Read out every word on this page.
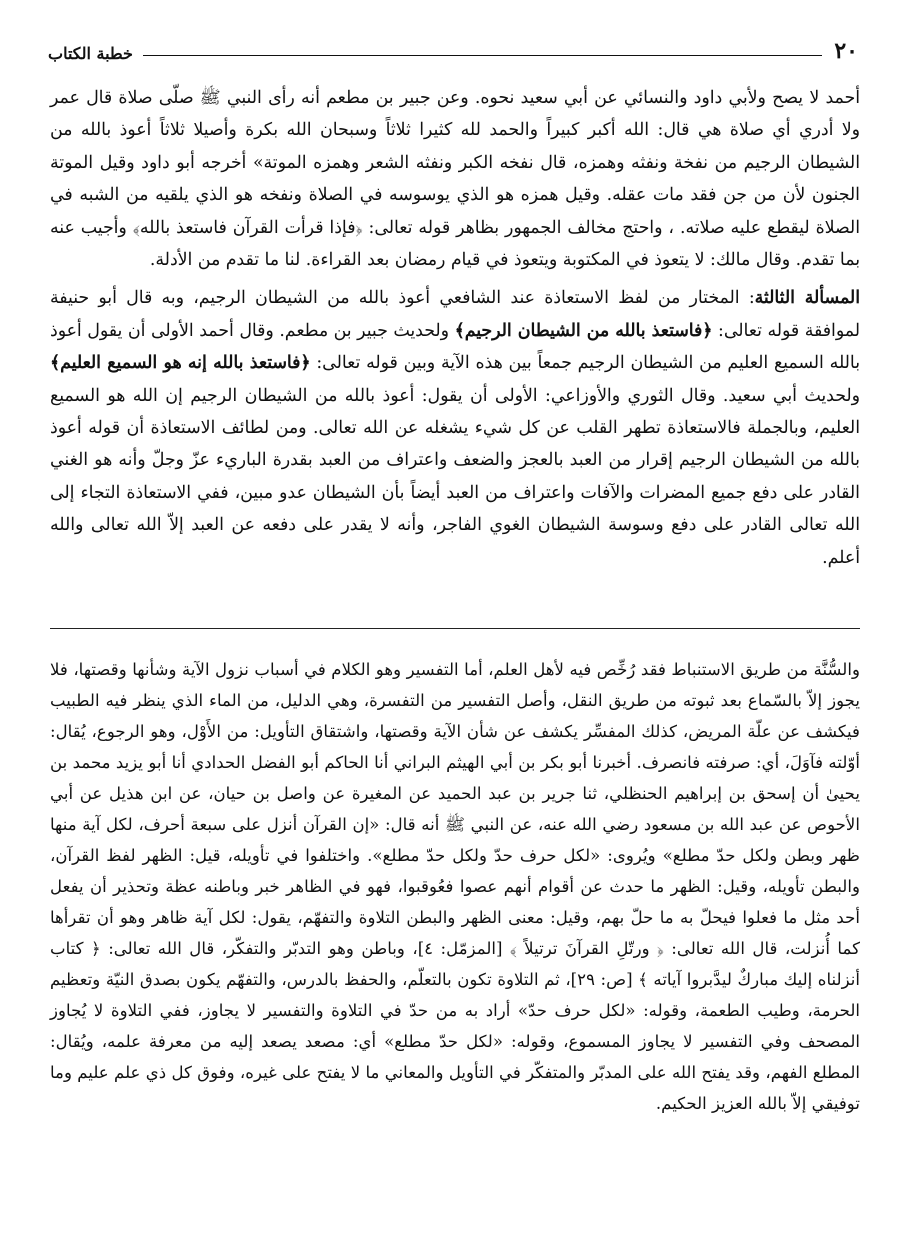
٢٠
خطبة الكتاب

أحمد لا يصح ولأبي داود والنسائي عن أبي سعيد نحوه. وعن جبير بن مطعم أنه رأى النبي ﷺ صلّى صلاة قال عمر ولا أدري أي صلاة هي قال: الله أكبر كبيراً والحمد لله كثيرا ثلاثاً وسبحان الله بكرة وأصيلا ثلاثاً أعوذ بالله من الشيطان الرجيم من نفخة ونفثه وهمزه، قال نفخه الكبر ونفثه الشعر وهمزه الموتة» أخرجه أبو داود وقيل الموتة الجنون لأن من جن فقد مات عقله. وقيل همزه هو الذي يوسوسه في الصلاة ونفخه هو الذي يلقيه من الشبه في الصلاة ليقطع عليه صلاته. ، واحتج مخالف الجمهور بظاهر قوله تعالى: ﴿فإذا قرأت القرآن فاستعذ بالله﴾ وأجيب عنه بما تقدم. وقال مالك: لا يتعوذ في المكتوبة ويتعوذ في قيام رمضان بعد القراءة. لنا ما تقدم من الأدلة.

المسألة الثالثة: المختار من لفظ الاستعاذة عند الشافعي أعوذ بالله من الشيطان الرجيم، وبه قال أبو حنيفة لموافقة قوله تعالى: ﴿فاستعذ بالله من الشيطان الرجيم﴾ ولحديث جبير بن مطعم. وقال أحمد الأولى أن يقول أعوذ بالله السميع العليم من الشيطان الرجيم جمعاً بين هذه الآية وبين قوله تعالى: ﴿فاستعذ بالله إنه هو السميع العليم﴾ ولحديث أبي سعيد. وقال الثوري والأوزاعي: الأولى أن يقول: أعوذ بالله من الشيطان الرجيم إن الله هو السميع العليم، وبالجملة فالاستعاذة تطهر القلب عن كل شيء يشغله عن الله تعالى. ومن لطائف الاستعاذة أن قوله أعوذ بالله من الشيطان الرجيم إقرار من العبد بالعجز والضعف واعتراف من العبد بقدرة الباريء عزّ وجلّ وأنه هو الغني القادر على دفع جميع المضرات والآفات واعتراف من العبد أيضاً بأن الشيطان عدو مبين، ففي الاستعاذة التجاء إلى الله تعالى القادر على دفع وسوسة الشيطان الغوي الفاجر، وأنه لا يقدر على دفعه عن العبد إلاّ الله تعالى والله أعلم.

والسُّنَّة من طريق الاستنباط فقد رُخِّص فيه لأهل العلم، أما التفسير وهو الكلام في أسباب نزول الآية وشأنها وقصتها، فلا يجوز إلاّ بالسّماع بعد ثبوته من طريق النقل، وأصل التفسير من التفسرة، وهي الدليل، من الماء الذي ينظر فيه الطبيب فيكشف عن علّة المريض، كذلك المفسِّر يكشف عن شأن الآية وقصتها، واشتقاق التأويل: من الأَوْل، وهو الرجوع، يُقال: أوّلته فآوَلَ، أي: صرفته فانصرف. أخبرنا أبو بكر بن أبي الهيثم البراني أنا الحاكم أبو الفضل الحدادي أنا أبو يزيد محمد بن يحيىٰ أن إسحق بن إبراهيم الحنظلي، ثنا جرير بن عبد الحميد عن المغيرة عن واصل بن حيان، عن ابن هذيل عن أبي الأحوص عن عبد الله بن مسعود رضي الله عنه، عن النبي ﷺ أنه قال: «إن القرآن أنزل على سبعة أحرف، لكل آية منها ظهر وبطن ولكل حدّ مطلع» ويُروى: «لكل حرف حدّ ولكل حدّ مطلع». واختلفوا في تأويله، قيل: الظهر لفظ القرآن، والبطن تأويله، وقيل: الظهر ما حدث عن أقوام أنهم عصوا فعُوقبوا، فهو في الظاهر خبر وباطنه عظة وتحذير أن يفعل أحد مثل ما فعلوا فيحلّ به ما حلّ بهم، وقيل: معنى الظهر والبطن التلاوة والتفهّم، يقول: لكل آية ظاهر وهو أن تقرأها كما أُنزلت، قال الله تعالى: ﴿ ورتّلِ القرآنَ ترتيلاً ﴾ [المزمّل: ٤]، وباطن وهو التدبّر والتفكّر، قال الله تعالى: ﴿ كتاب أنزلناه إليك مباركٌ ليدَّبروا آياته ﴾ [ص: ٢٩]، ثم التلاوة تكون بالتعلّم، والحفظ بالدرس، والتفهّم يكون بصدق النيّة وتعظيم الحرمة، وطيب الطعمة، وقوله: «لكل حرف حدّ» أراد به من حدّ في التلاوة والتفسير لا يجاوز، ففي التلاوة لا يُجاوز المصحف وفي التفسير لا يجاوز المسموع، وقوله: «لكل حدّ مطلع» أي: مصعد يصعد إليه من معرفة علمه، ويُقال: المطلع الفهم، وقد يفتح الله على المدبّر والمتفكّر في التأويل والمعاني ما لا يفتح على غيره، وفوق كل ذي علم عليم وما توفيقي إلاّ بالله العزيز الحكيم.
